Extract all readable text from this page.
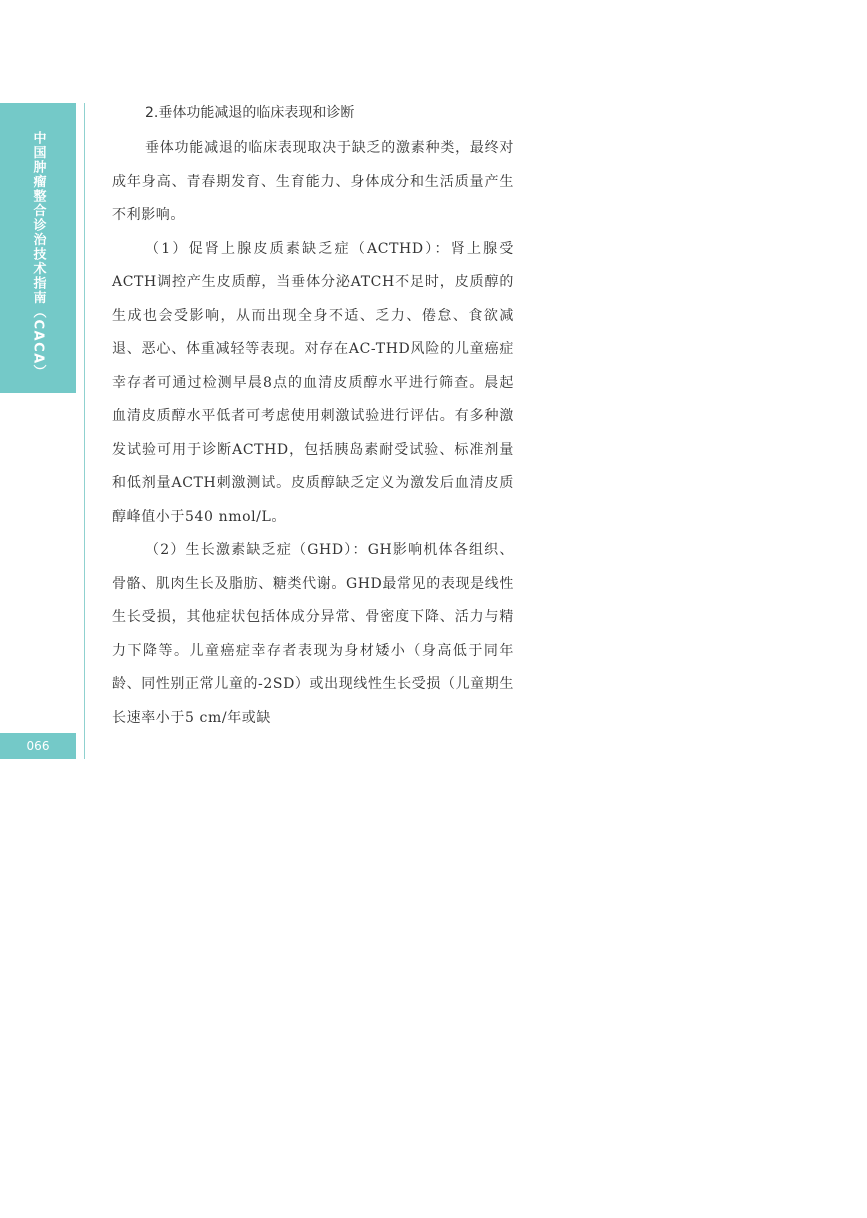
中国肿瘤整合诊治技术指南（CACA）
066
2.垂体功能减退的临床表现和诊断

垂体功能减退的临床表现取决于缺乏的激素种类，最终对成年身高、青春期发育、生育能力、身体成分和生活质量产生不利影响。

（1）促肾上腺皮质素缺乏症（ACTHD）：肾上腺受ACTH调控产生皮质醇，当垂体分泌ATCH不足时，皮质醇的生成也会受影响，从而出现全身不适、乏力、倦怠、食欲减退、恶心、体重减轻等表现。对存在AC-THD风险的儿童癌症幸存者可通过检测早晨8点的血清皮质醇水平进行筛查。晨起血清皮质醇水平低者可考虑使用刺激试验进行评估。有多种激发试验可用于诊断ACTHD，包括胰岛素耐受试验、标准剂量和低剂量ACTH刺激测试。皮质醇缺乏定义为激发后血清皮质醇峰值小于540 nmol/L。

（2）生长激素缺乏症（GHD）：GH影响机体各组织、骨骼、肌肉生长及脂肪、糖类代谢。GHD最常见的表现是线性生长受损，其他症状包括体成分异常、骨密度下降、活力与精力下降等。儿童癌症幸存者表现为身材矮小（身高低于同年龄、同性别正常儿童的-2SD）或出现线性生长受损（儿童期生长速率小于5 cm/年或缺
